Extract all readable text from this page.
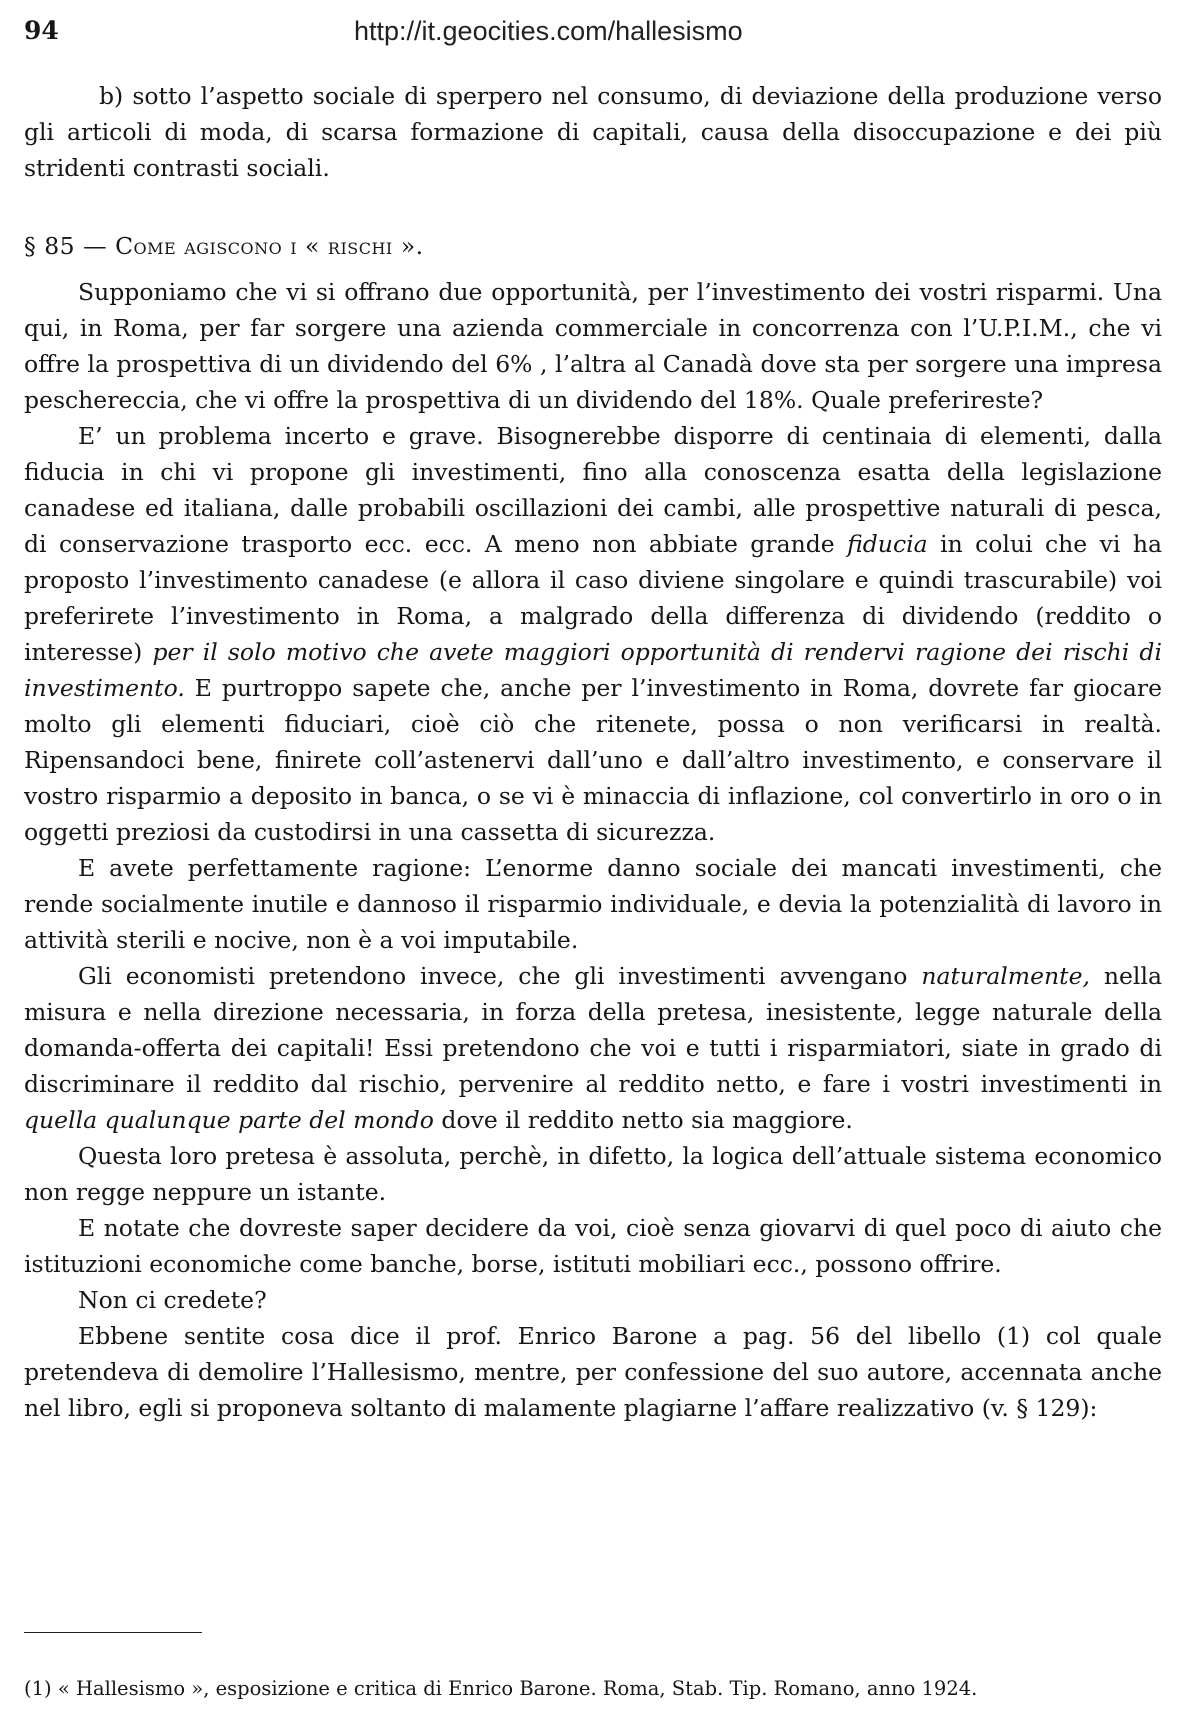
94	http://it.geocities.com/hallesismo

b) sotto l’aspetto sociale di sperpero nel consumo, di deviazione della produzione verso gli articoli di moda, di scarsa formazione di capitali, causa della disoccupazione e dei più stridenti contrasti sociali.

§ 85 — Come agiscono i « rischi ».

Supponiamo che vi si offrano due opportunità, per l’investimento dei vostri risparmi. Una qui, in Roma, per far sorgere una azienda commerciale in concorrenza con l’U.P.I.M., che vi offre la prospettiva di un dividendo del 6% , l’altra al Canadà dove sta per sorgere una impresa peschereccia, che vi offre la prospettiva di un dividendo del 18%. Quale preferireste?

E’ un problema incerto e grave. Bisognerebbe disporre di centinaia di elementi, dalla fiducia in chi vi propone gli investimenti, fino alla conoscenza esatta della legislazione canadese ed italiana, dalle probabili oscillazioni dei cambi, alle prospettive naturali di pesca, di conservazione trasporto ecc. ecc. A meno non abbiate grande fiducia in colui che vi ha proposto l’investimento canadese (e allora il caso diviene singolare e quindi trascurabile) voi preferirete l’investimento in Roma, a malgrado della differenza di dividendo (reddito o interesse) per il solo motivo che avete maggiori opportunità di rendervi ragione dei rischi di investimento. E purtroppo sapete che, anche per l’investimento in Roma, dovrete far giocare molto gli elementi fiduciari, cioè ciò che ritenete, possa o non verificarsi in realtà. Ripensandoci bene, finirete coll’astenervi dall’uno e dall’altro investimento, e conservare il vostro risparmio a deposito in banca, o se vi è minaccia di inflazione, col convertirlo in oro o in oggetti preziosi da custodirsi in una cassetta di sicurezza.

E avete perfettamente ragione: L’enorme danno sociale dei mancati investimenti, che rende socialmente inutile e dannoso il risparmio individuale, e devia la potenzialità di lavoro in attività sterili e nocive, non è a voi imputabile.

Gli economisti pretendono invece, che gli investimenti avvengano naturalmente, nella misura e nella direzione necessaria, in forza della pretesa, inesistente, legge naturale della domanda-offerta dei capitali! Essi pretendono che voi e tutti i risparmiatori, siate in grado di discriminare il reddito dal rischio, pervenire al reddito netto, e fare i vostri investimenti in quella qualunque parte del mondo dove il reddito netto sia maggiore.

Questa loro pretesa è assoluta, perchè, in difetto, la logica dell’attuale sistema economico non regge neppure un istante.

E notate che dovreste saper decidere da voi, cioè senza giovarvi di quel poco di aiuto che istituzioni economiche come banche, borse, istituti mobiliari ecc., possono offrire.

Non ci credete?

Ebbene sentite cosa dice il prof. Enrico Barone a pag. 56 del libello (1) col quale pretendeva di demolire l’Hallesismo, mentre, per confessione del suo autore, accennata anche nel libro, egli si proponeva soltanto di malamente plagiarne l’affare realizzativo (v. § 129):

(1) « Hallesismo », esposizione e critica di Enrico Barone. Roma, Stab. Tip. Romano, anno 1924.
